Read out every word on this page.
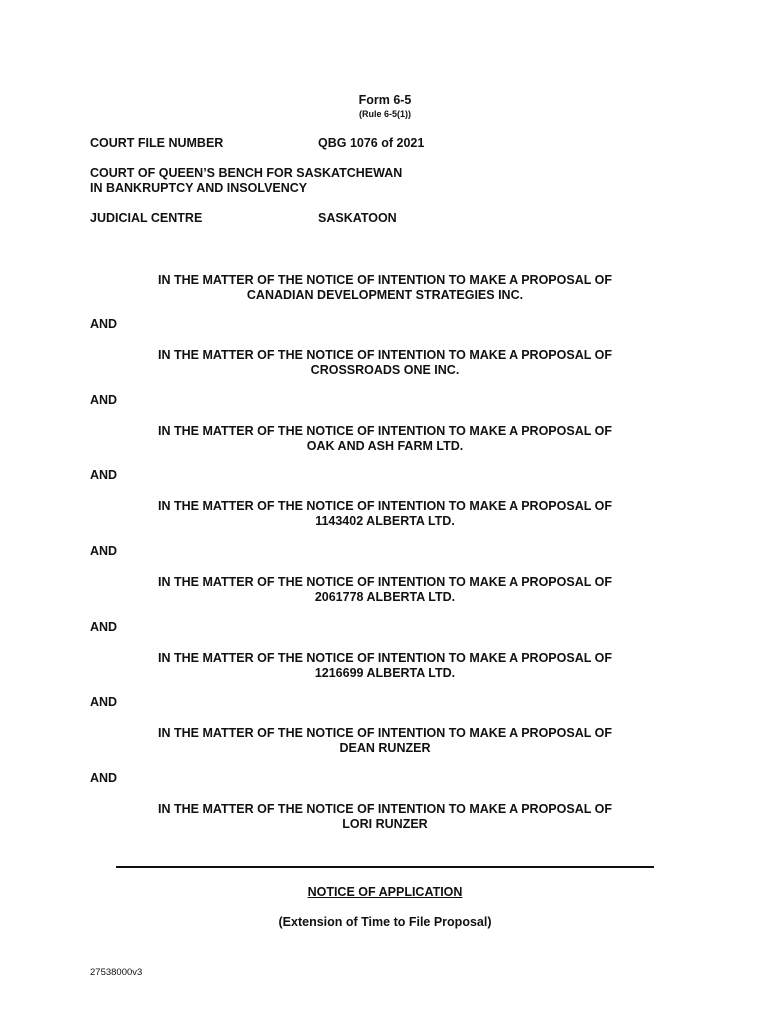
Form 6-5
(Rule 6-5(1))
COURT FILE NUMBER	QBG 1076 of 2021
COURT OF QUEEN’S BENCH FOR SASKATCHEWAN
IN BANKRUPTCY AND INSOLVENCY
JUDICIAL CENTRE	SASKATOON
IN THE MATTER OF THE NOTICE OF INTENTION TO MAKE A PROPOSAL OF
CANADIAN DEVELOPMENT STRATEGIES INC.
AND
IN THE MATTER OF THE NOTICE OF INTENTION TO MAKE A PROPOSAL OF
CROSSROADS ONE INC.
AND
IN THE MATTER OF THE NOTICE OF INTENTION TO MAKE A PROPOSAL OF
OAK AND ASH FARM LTD.
AND
IN THE MATTER OF THE NOTICE OF INTENTION TO MAKE A PROPOSAL OF
1143402 ALBERTA LTD.
AND
IN THE MATTER OF THE NOTICE OF INTENTION TO MAKE A PROPOSAL OF
2061778 ALBERTA LTD.
AND
IN THE MATTER OF THE NOTICE OF INTENTION TO MAKE A PROPOSAL OF
1216699 ALBERTA LTD.
AND
IN THE MATTER OF THE NOTICE OF INTENTION TO MAKE A PROPOSAL OF
DEAN RUNZER
AND
IN THE MATTER OF THE NOTICE OF INTENTION TO MAKE A PROPOSAL OF
LORI RUNZER
NOTICE OF APPLICATION
(Extension of Time to File Proposal)
27538000v3
